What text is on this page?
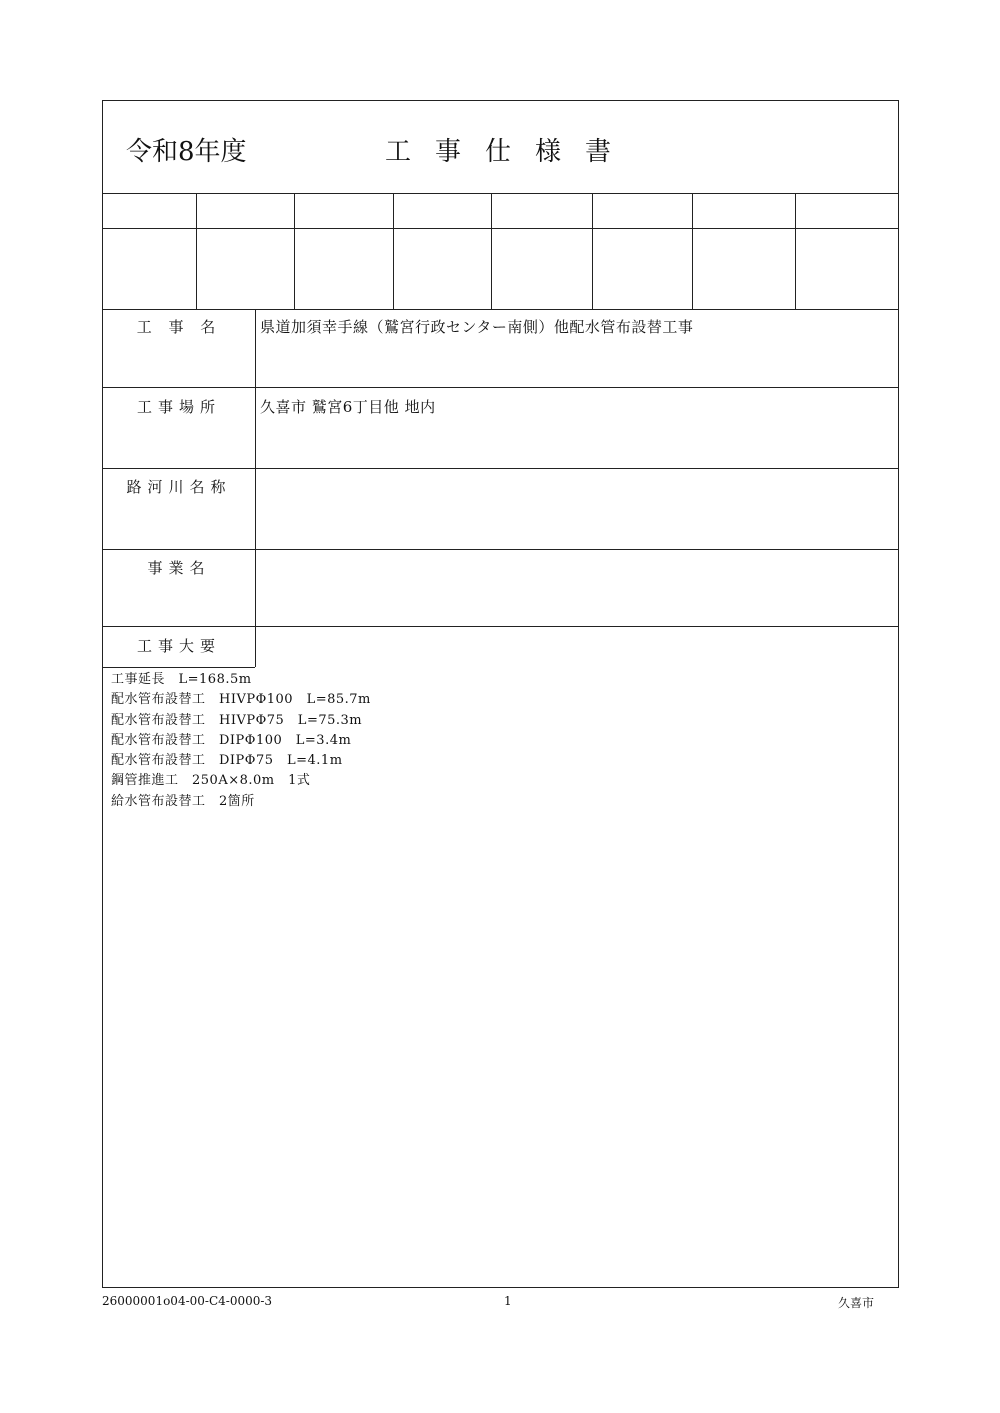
令和8年度	工事仕様書
工 事 名	県道加須幸手線（鷲宮行政センター南側）他配水管布設替工事
工事場所	久喜市 鷲宮6丁目他 地内
路河川名称
事業名
工事大要
工事延長　L=168.5m
配水管布設替工　HIVPΦ100　L=85.7m
配水管布設替工　HIVPΦ75　L=75.3m
配水管布設替工　DIPΦ100　L=3.4m
配水管布設替工　DIPΦ75　L=4.1m
鋼管推進工　250A×8.0m　1式
給水管布設替工　2箇所
26000001o04-00-C4-0000-3	1	久喜市
